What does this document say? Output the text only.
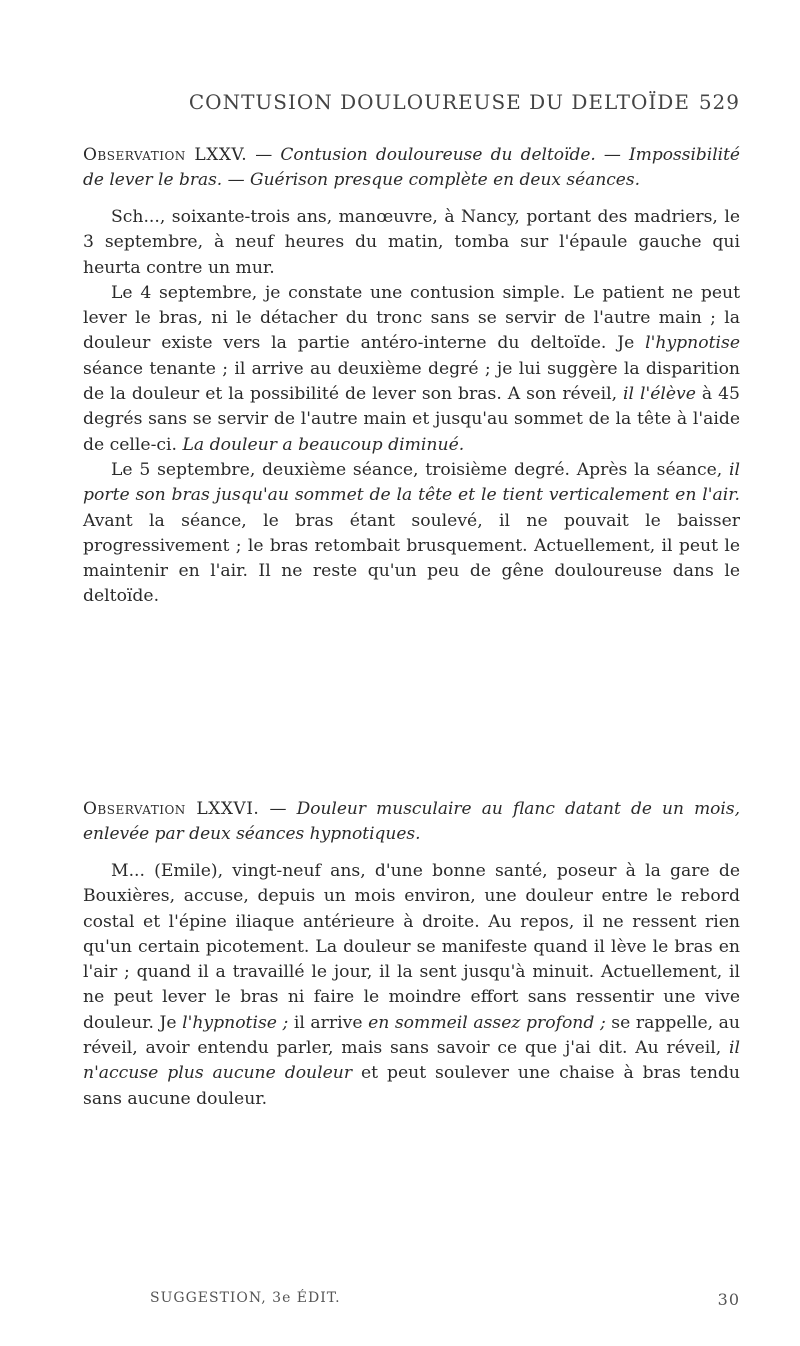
CONTUSION DOULOUREUSE DU DELTOÏDE 529
Observation LXXV. — Contusion douloureuse du deltoïde. — Impossibilité de lever le bras. — Guérison presque complète en deux séances.

Sch..., soixante-trois ans, manœuvre, à Nancy, portant des madriers, le 3 septembre, à neuf heures du matin, tomba sur l'épaule gauche qui heurta contre un mur.

Le 4 septembre, je constate une contusion simple. Le patient ne peut lever le bras, ni le détacher du tronc sans se servir de l'autre main ; la douleur existe vers la partie antéro-interne du deltoïde. Je l'hypnotise séance tenante ; il arrive au deuxième degré ; je lui suggère la disparition de la douleur et la possibilité de lever son bras. A son réveil, il l'élève à 45 degrés sans se servir de l'autre main et jusqu'au sommet de la tête à l'aide de celle-ci. La douleur a beaucoup diminué.

Le 5 septembre, deuxième séance, troisième degré. Après la séance, il porte son bras jusqu'au sommet de la tête et le tient verticalement en l'air. Avant la séance, le bras étant soulevé, il ne pouvait le baisser progressivement ; le bras retombait brusquement. Actuellement, il peut le maintenir en l'air. Il ne reste qu'un peu de gêne douloureuse dans le deltoïde.

Observation LXXVI. — Douleur musculaire au flanc datant de un mois, enlevée par deux séances hypnotiques.

M... (Emile), vingt-neuf ans, d'une bonne santé, poseur à la gare de Bouxières, accuse, depuis un mois environ, une douleur entre le rebord costal et l'épine iliaque antérieure à droite. Au repos, il ne ressent rien qu'un certain picotement. La douleur se manifeste quand il lève le bras en l'air ; quand il a travaillé le jour, il la sent jusqu'à minuit. Actuellement, il ne peut lever le bras ni faire le moindre effort sans ressentir une vive douleur. Je l'hypnotise ; il arrive en sommeil assez profond ; se rappelle, au réveil, avoir entendu parler, mais sans savoir ce que j'ai dit. Au réveil, il n'accuse plus aucune douleur et peut soulever une chaise à bras tendu sans aucune douleur.

SUGGESTION, 3e ÉDIT.	30
